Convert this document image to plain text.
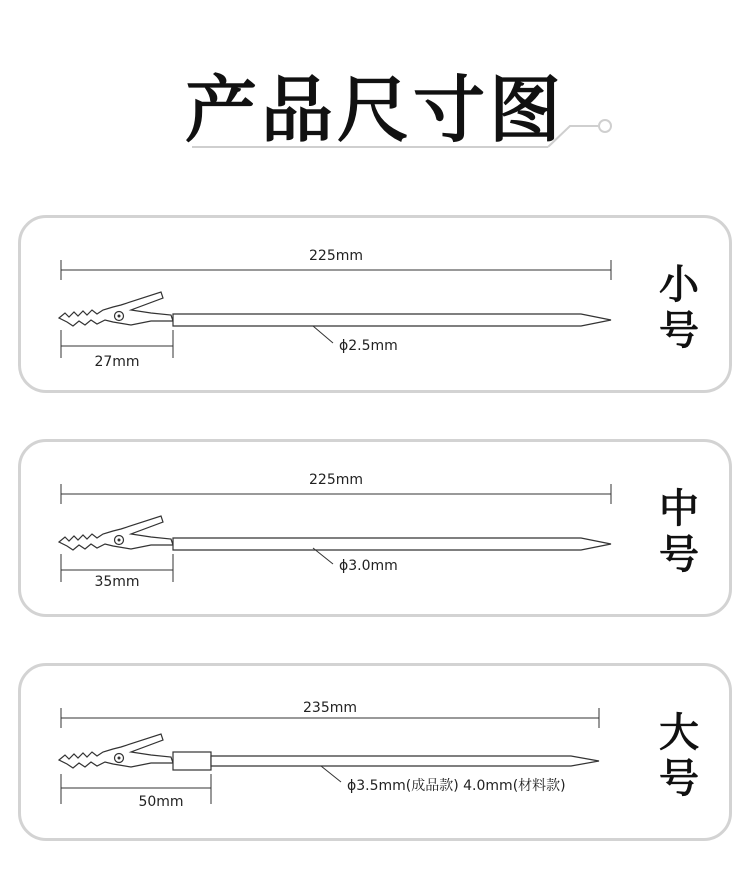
产品尺寸图
225mm
27mm
ϕ2.5mm
小
号
225mm
35mm
ϕ3.0mm
中
号
235mm
50mm
ϕ3.5mm(成品款) 4.0mm(材料款)
大
号
